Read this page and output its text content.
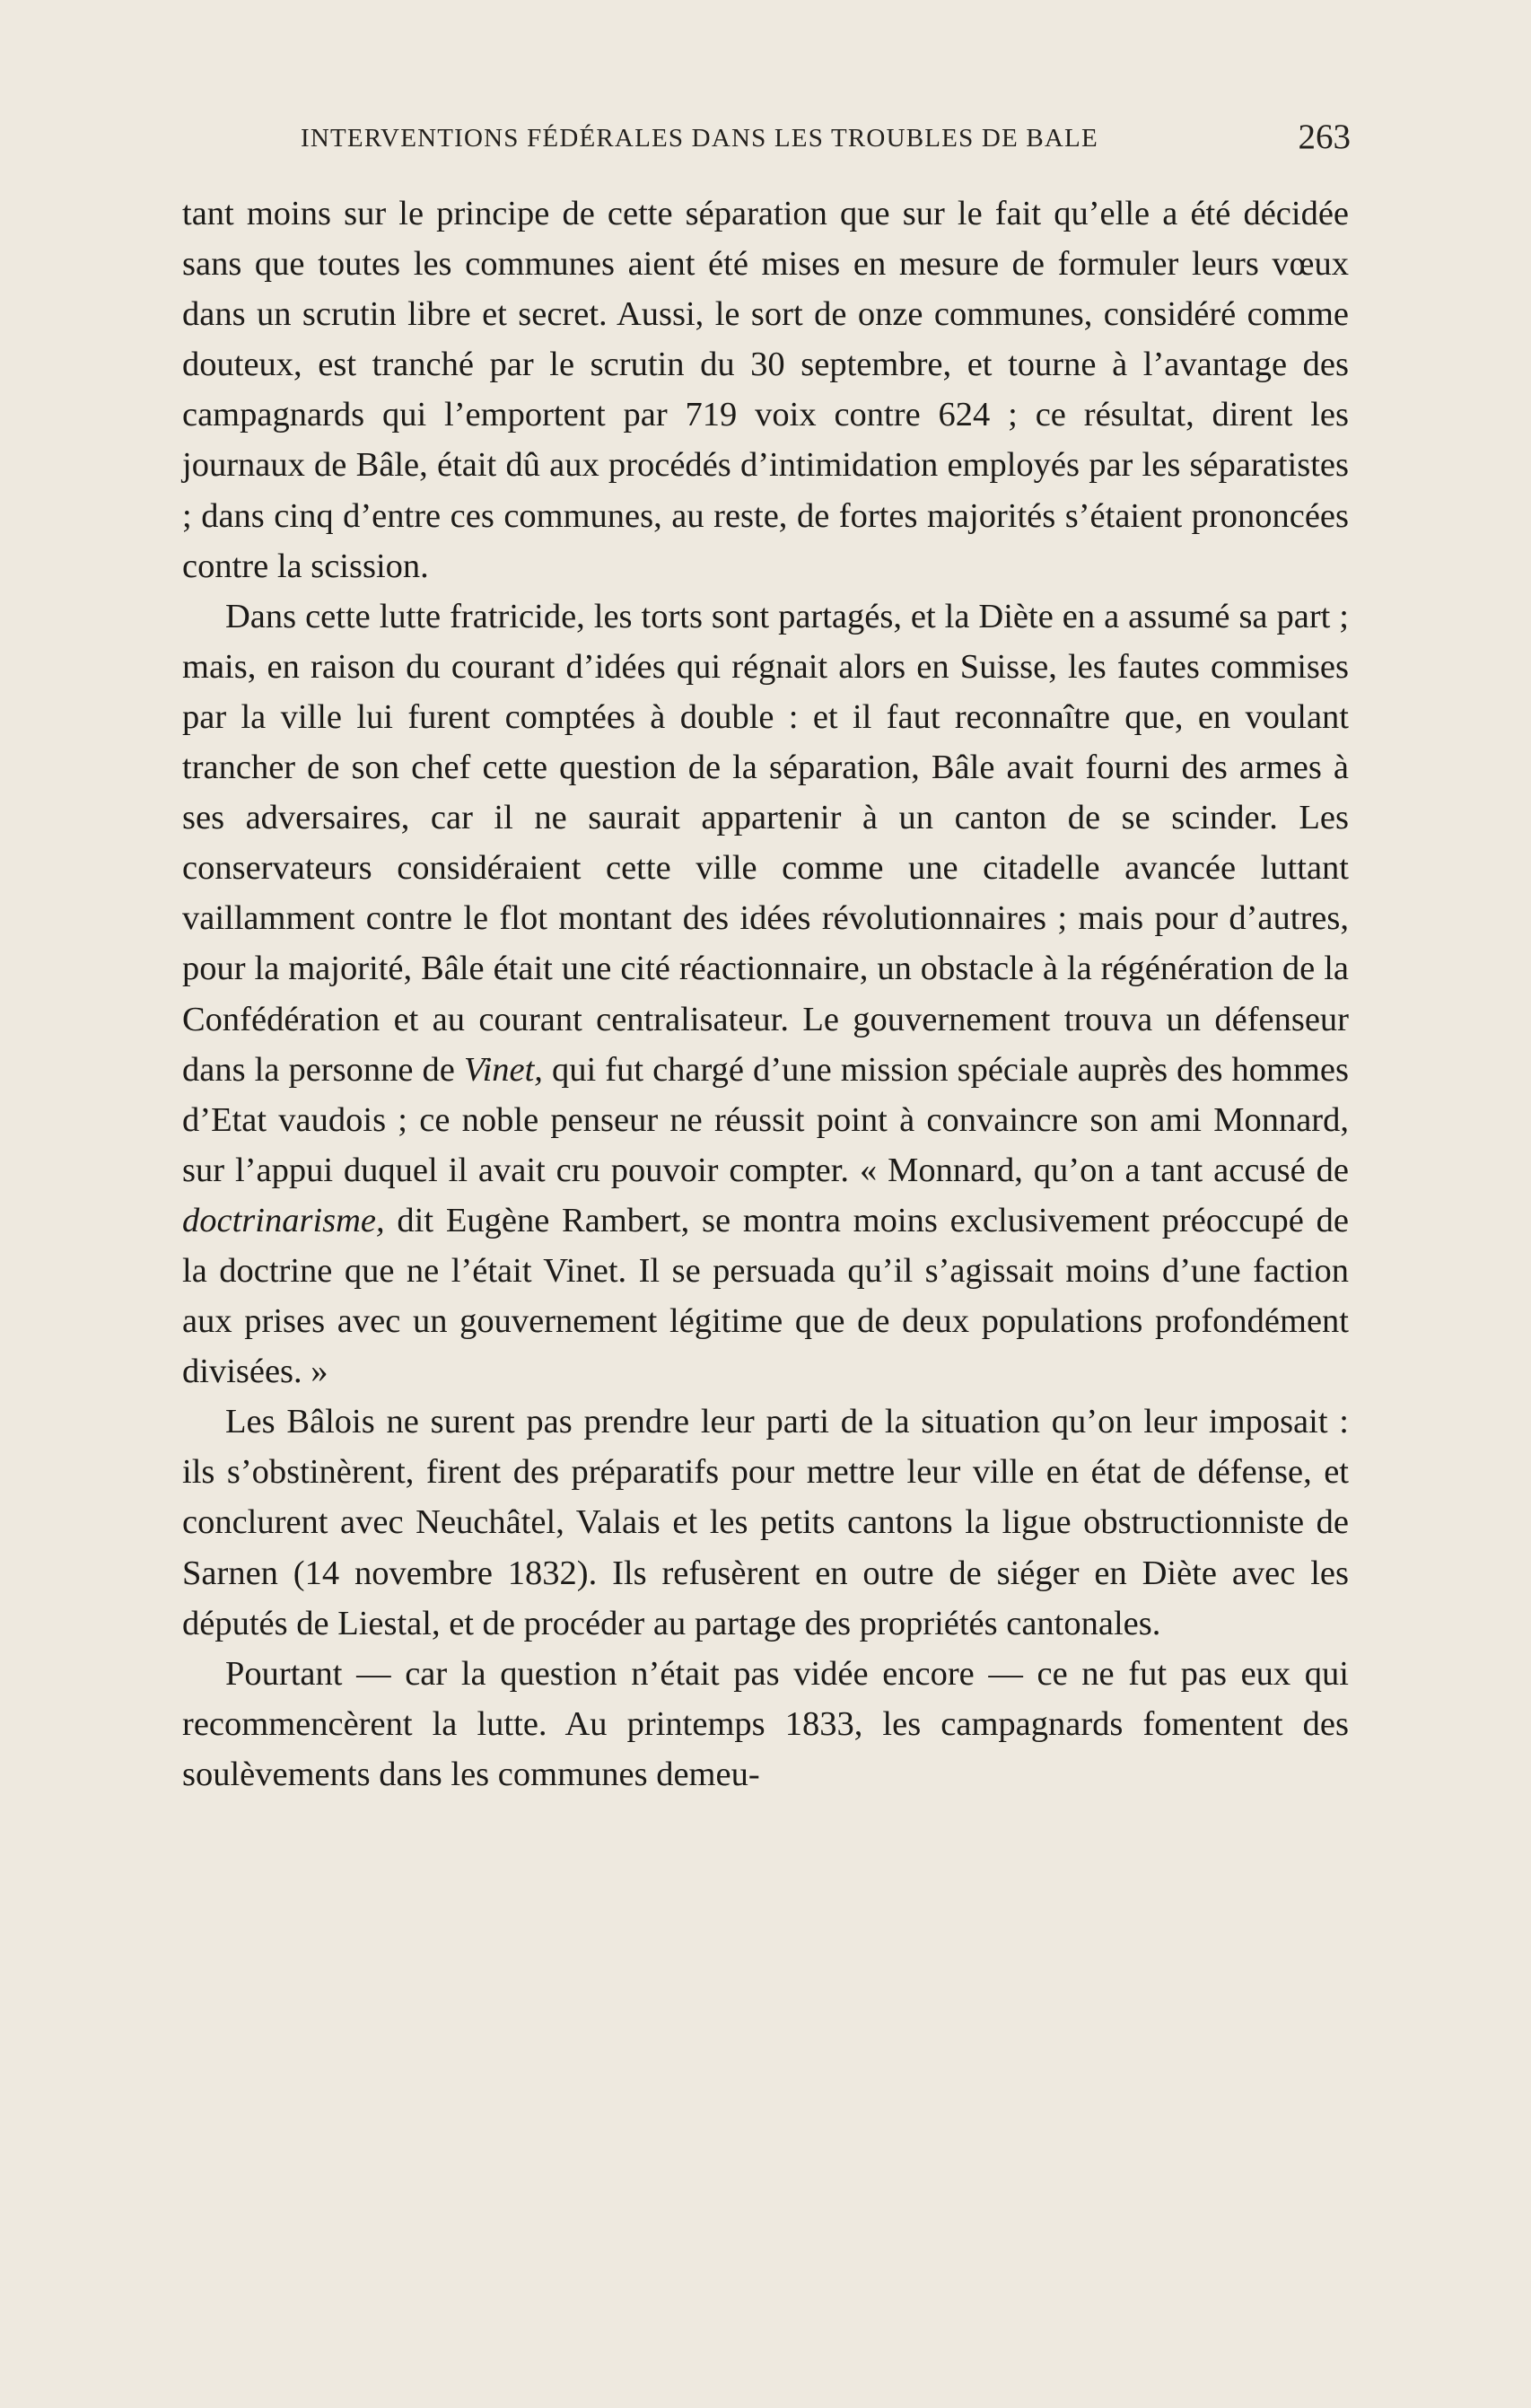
INTERVENTIONS FÉDÉRALES DANS LES TROUBLES DE BALE	263

tant moins sur le principe de cette séparation que sur le fait qu’elle a été décidée sans que toutes les communes aient été mises en mesure de formuler leurs vœux dans un scrutin libre et secret. Aussi, le sort de onze communes, considéré comme douteux, est tranché par le scrutin du 30 septembre, et tourne à l’avantage des campagnards qui l’emportent par 719 voix contre 624 ; ce résultat, dirent les journaux de Bâle, était dû aux procédés d’intimidation employés par les séparatistes ; dans cinq d’entre ces communes, au reste, de fortes majorités s’étaient prononcées contre la scission.

Dans cette lutte fratricide, les torts sont partagés, et la Diète en a assumé sa part ; mais, en raison du courant d’idées qui régnait alors en Suisse, les fautes commises par la ville lui furent comptées à double : et il faut reconnaître que, en voulant trancher de son chef cette question de la séparation, Bâle avait fourni des armes à ses adversaires, car il ne saurait appartenir à un canton de se scinder. Les conservateurs considéraient cette ville comme une citadelle avancée luttant vaillamment contre le flot montant des idées révolutionnaires ; mais pour d’autres, pour la majorité, Bâle était une cité réactionnaire, un obstacle à la régénération de la Confédération et au courant centralisateur. Le gouvernement trouva un défenseur dans la personne de Vinet, qui fut chargé d’une mission spéciale auprès des hommes d’Etat vaudois ; ce noble penseur ne réussit point à convaincre son ami Monnard, sur l’appui duquel il avait cru pouvoir compter. « Monnard, qu’on a tant accusé de doctrinarisme, dit Eugène Rambert, se montra moins exclusivement préoccupé de la doctrine que ne l’était Vinet. Il se persuada qu’il s’agissait moins d’une faction aux prises avec un gouvernement légitime que de deux populations profondément divisées. »

Les Bâlois ne surent pas prendre leur parti de la situation qu’on leur imposait : ils s’obstinèrent, firent des préparatifs pour mettre leur ville en état de défense, et conclurent avec Neuchâtel, Valais et les petits cantons la ligue obstructionniste de Sarnen (14 novembre 1832). Ils refusèrent en outre de siéger en Diète avec les députés de Liestal, et de procéder au partage des propriétés cantonales.

Pourtant — car la question n’était pas vidée encore — ce ne fut pas eux qui recommencèrent la lutte. Au printemps 1833, les campagnards fomentent des soulèvements dans les communes demeu-
